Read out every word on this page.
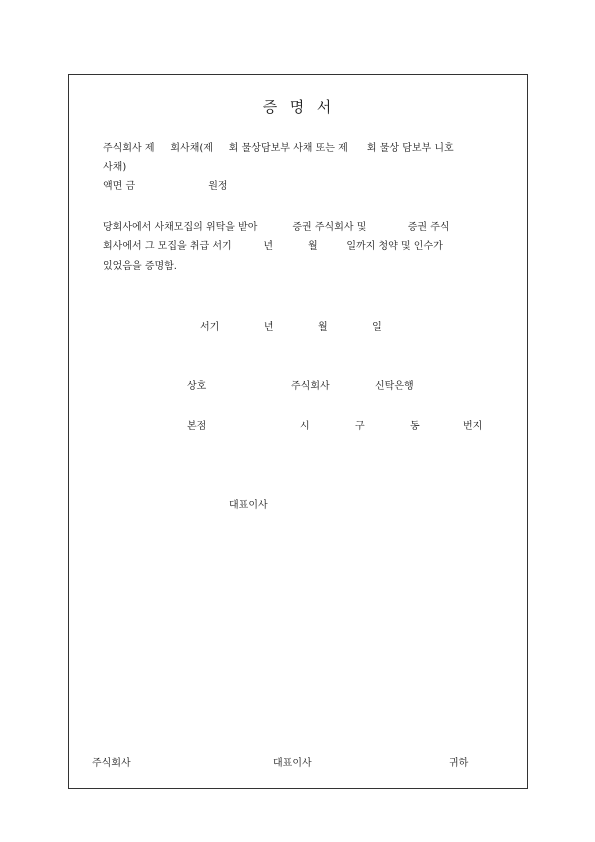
증  명  서
주식회사 제     회사채(제     회 물상담보부 사채 또는 제      회 물상 담보부 니호
사채)
액면 금                       원정
당회사에서 사채모집의 위탁을 받아           증권 주식회사 및             증권 주식
회사에서 그 모집을 취급 서기          년           월         일까지 청약 및 인수가
있었음을 증명함.
서기              년              월              일
상호	주식회사	신탁은행
본점	시	구	동	번지
대표이사
주식회사	대표이사	귀하
